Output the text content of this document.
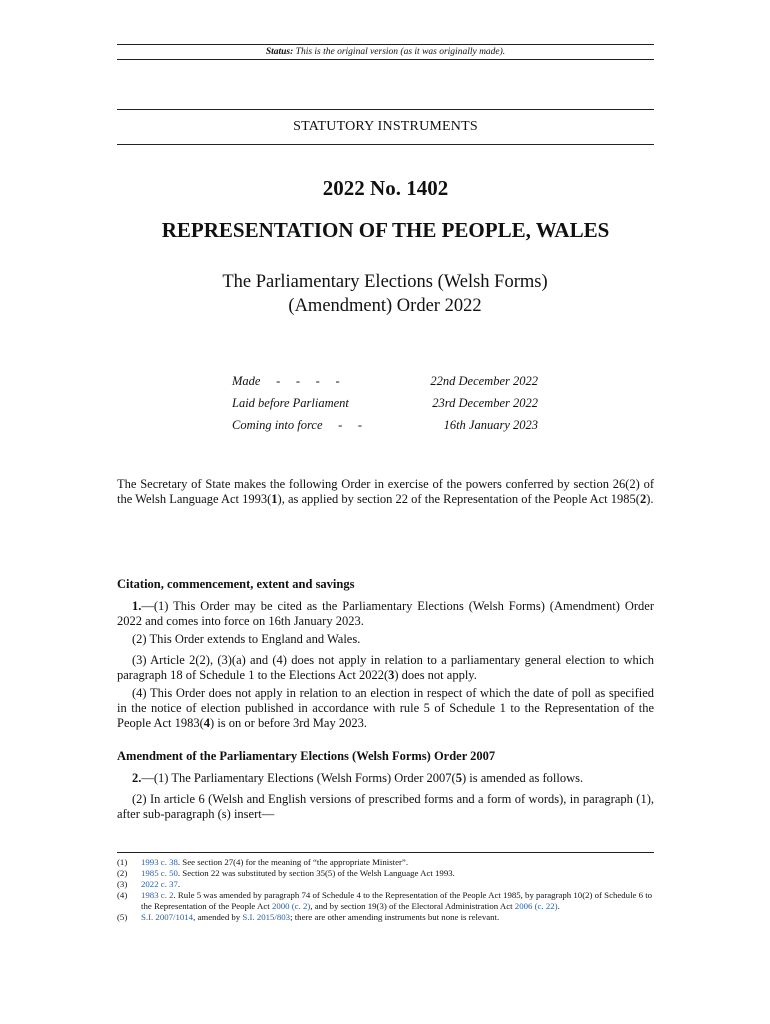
Status: This is the original version (as it was originally made).
STATUTORY INSTRUMENTS
2022 No. 1402
REPRESENTATION OF THE PEOPLE, WALES
The Parliamentary Elections (Welsh Forms) (Amendment) Order 2022
Made     -     -     -     -	22nd December 2022
Laid before Parliament	23rd December 2022
Coming into force     -     -	16th January 2023
The Secretary of State makes the following Order in exercise of the powers conferred by section 26(2) of the Welsh Language Act 1993(1), as applied by section 22 of the Representation of the People Act 1985(2).
Citation, commencement, extent and savings
1.—(1) This Order may be cited as the Parliamentary Elections (Welsh Forms) (Amendment) Order 2022 and comes into force on 16th January 2023.
(2) This Order extends to England and Wales.
(3) Article 2(2), (3)(a) and (4) does not apply in relation to a parliamentary general election to which paragraph 18 of Schedule 1 to the Elections Act 2022(3) does not apply.
(4) This Order does not apply in relation to an election in respect of which the date of poll as specified in the notice of election published in accordance with rule 5 of Schedule 1 to the Representation of the People Act 1983(4) is on or before 3rd May 2023.
Amendment of the Parliamentary Elections (Welsh Forms) Order 2007
2.—(1) The Parliamentary Elections (Welsh Forms) Order 2007(5) is amended as follows.
(2) In article 6 (Welsh and English versions of prescribed forms and a form of words), in paragraph (1), after sub-paragraph (s) insert—
(1)	1993 c. 38. See section 27(4) for the meaning of “the appropriate Minister”.
(2)	1985 c. 50. Section 22 was substituted by section 35(5) of the Welsh Language Act 1993.
(3)	2022 c. 37.
(4)	1983 c. 2. Rule 5 was amended by paragraph 74 of Schedule 4 to the Representation of the People Act 1985, by paragraph 10(2) of Schedule 6 to the Representation of the People Act 2000 (c. 2), and by section 19(3) of the Electoral Administration Act 2006 (c. 22).
(5)	S.I. 2007/1014, amended by S.I. 2015/803; there are other amending instruments but none is relevant.
